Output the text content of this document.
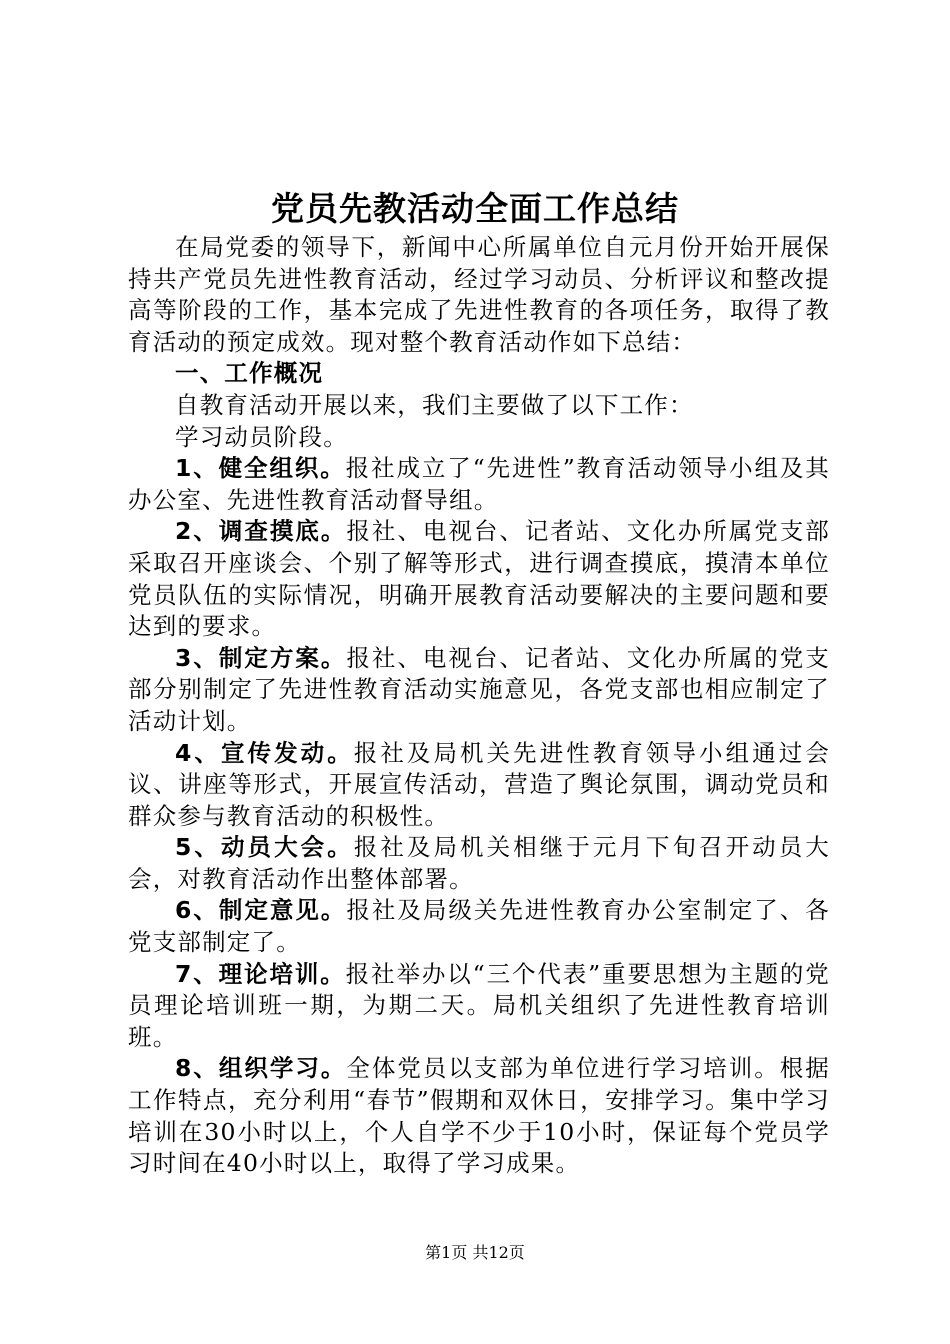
党员先教活动全面工作总结

在局党委的领导下，新闻中心所属单位自元月份开始开展保持共产党员先进性教育活动，经过学习动员、分析评议和整改提高等阶段的工作，基本完成了先进性教育的各项任务，取得了教育活动的预定成效。现对整个教育活动作如下总结：

一、工作概况

自教育活动开展以来，我们主要做了以下工作：

学习动员阶段。

1、健全组织。报社成立了“先进性”教育活动领导小组及其办公室、先进性教育活动督导组。

2、调查摸底。报社、电视台、记者站、文化办所属党支部采取召开座谈会、个别了解等形式，进行调查摸底，摸清本单位党员队伍的实际情况，明确开展教育活动要解决的主要问题和要达到的要求。

3、制定方案。报社、电视台、记者站、文化办所属的党支部分别制定了先进性教育活动实施意见，各党支部也相应制定了活动计划。

4、宣传发动。报社及局机关先进性教育领导小组通过会议、讲座等形式，开展宣传活动，营造了舆论氛围，调动党员和群众参与教育活动的积极性。

5、动员大会。报社及局机关相继于元月下旬召开动员大会，对教育活动作出整体部署。

6、制定意见。报社及局级关先进性教育办公室制定了、各党支部制定了。

7、理论培训。报社举办以“三个代表”重要思想为主题的党员理论培训班一期，为期二天。局机关组织了先进性教育培训班。

8、组织学习。全体党员以支部为单位进行学习培训。根据工作特点，充分利用“春节”假期和双休日，安排学习。集中学习培训在30小时以上，个人自学不少于10小时，保证每个党员学习时间在40小时以上，取得了学习成果。

第1页 共12页
